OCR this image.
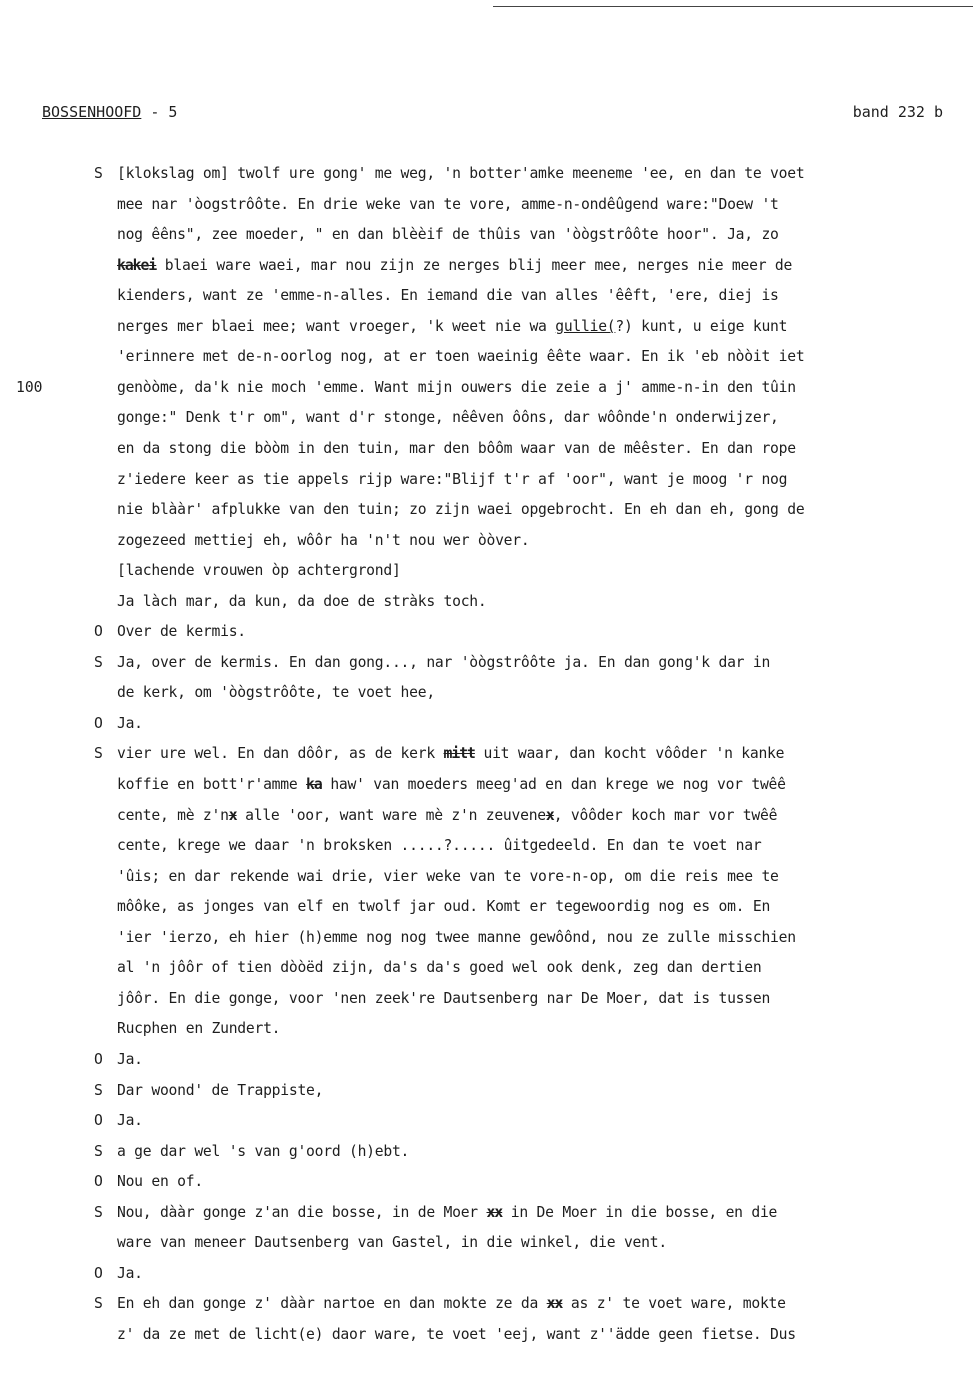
BOSSENHOOFD - 5	band 232 b
S [klokslag om] twolf ure gong' me weg, 'n botter'amke meeneme 'ee, en dan te voet
mee nar 'òogstrôôte. En drie weke van te vore, amme-n-ondêûgend ware:"Doew 't
nog êêns", zee moeder, " en dan blèèif de thûis van 'òògstrôôte hoor". Ja, zo
kakei blaei ware waei, mar nou zijn ze nerges blij meer mee, nerges nie meer de
kienders, want ze 'emme-n-alles. En iemand die van alles 'êêft, 'ere, diej is
nerges mer blaei mee; want vroeger, 'k weet nie wa gullie(?) kunt, u eige kunt
'erinnere met de-n-oorlog nog, at er toen waeinig êête waar. En ik 'eb nòòit iet
100	genòòme, da'k nie moch 'emme. Want mijn ouwers die zeie a j' amme-n-in den tûin
gonge:" Denk t'r om", want d'r stonge, nêêven ôôns, dar wôônde'n onderwijzer,
en da stong die bòòm in den tuin, mar den bôôm waar van de mêêster. En dan rope
z'iedere keer as tie appels rijp ware:"Blijf t'r af 'oor", want je moog 'r nog
nie blààr' afplukke van den tuin; zo zijn waei opgebrocht. En eh dan eh, gong de
zogezeed mettiej eh, wôôr ha 'n't nou wer òòver.
[lachende vrouwen òp achtergrond]
Ja làch mar, da kun, da doe de stràks toch.
O Over de kermis.
S Ja, over de kermis. En dan gong..., nar 'òògstrôôte ja. En dan gong'k dar in
de kerk, om 'òògstrôôte, te voet hee,
O Ja.
S vier ure wel. En dan dôôr, as de kerk mitt uit waar, dan kocht vôôder 'n kanke
koffie en bott'r'amme ka haw' van moeders meeg'ad en dan krege we nog vor twêê
cente, mè z'nx alle 'oor, want ware mè z'n zeuvenex, vôôder koch mar vor twêê
cente, krege we daar 'n broksken .....?..... ûitgedeeld. En dan te voet nar
'ûis; en dar rekende wai drie, vier weke van te vore-n-op, om die reis mee te
môôke, as jonges van elf en twolf jar oud. Komt er tegewoordig nog es om. En
'ier 'ierzo, eh hier (h)emme nog nog twee manne gewôônd, nou ze zulle misschien
al 'n jôôr of tien dòòëd zijn, da's da's goed wel ook denk, zeg dan dertien
jôôr. En die gonge, voor 'nen zeek're Dautsenberg nar De Moer, dat is tussen
Rucphen en Zundert.
O Ja.
S Dar woond' de Trappiste,
O Ja.
S a ge dar wel 's van g'oord (h)ebt.
O Nou en of.
S Nou, dààr gonge z'an die bosse, in de Moer xx in De Moer in die bosse, en die
ware van meneer Dautsenberg van Gastel, in die winkel, die vent.
O Ja.
S En eh dan gonge z' dààr nartoe en dan mokte ze da xx as z' te voet ware, mokte
z' da ze met de licht(e) daor ware, te voet 'eej, want z''ädde geen fietse. Dus
